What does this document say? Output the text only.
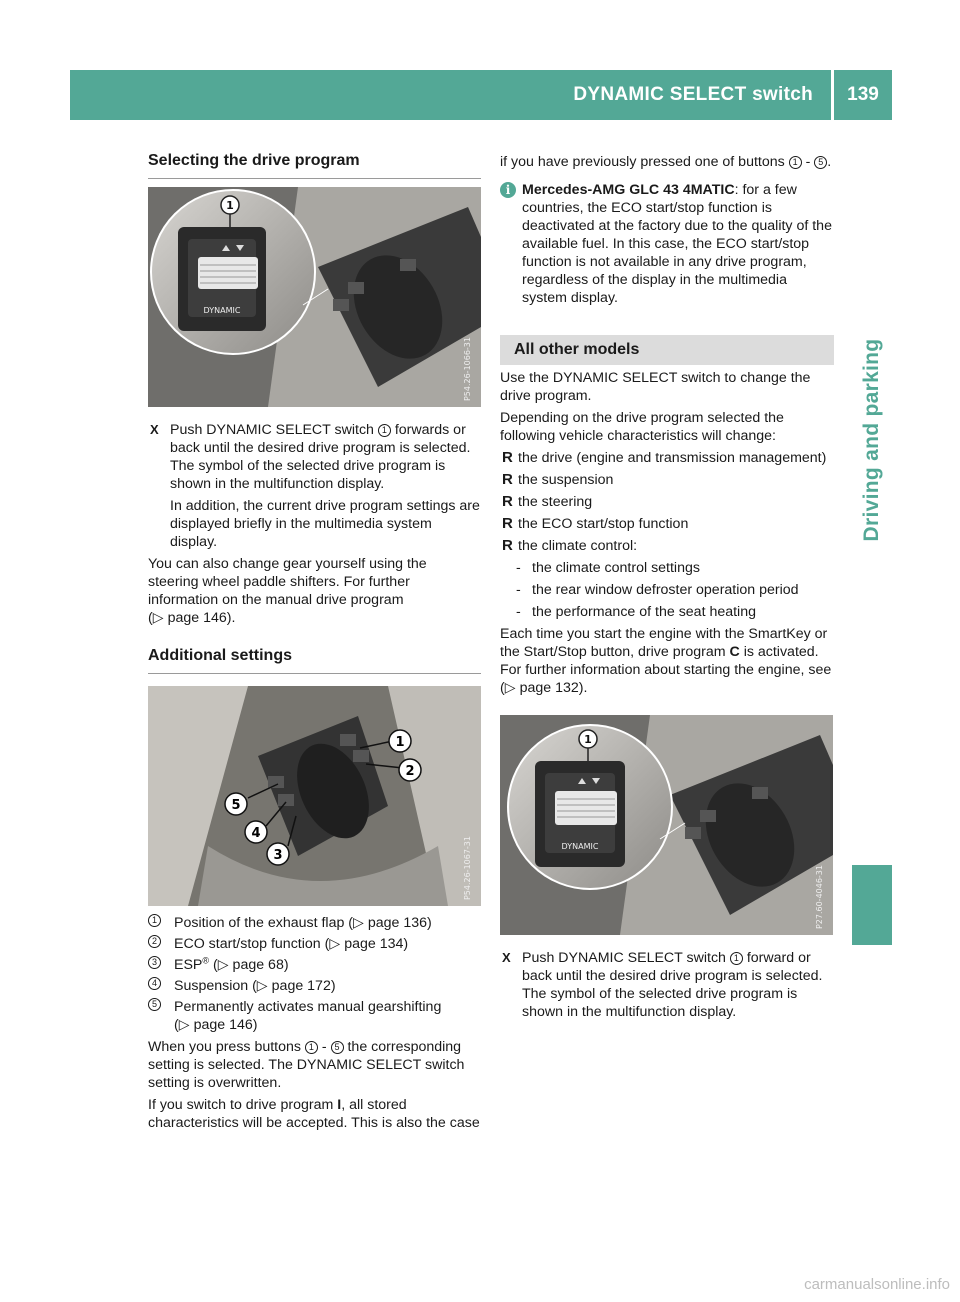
DYNAMIC SELECT switch	139
Driving and parking
Selecting the drive program
1
DYNAMIC
P54.26-1066-31
X Push DYNAMIC SELECT switch 1 forwards or back until the desired drive program is selected.

The symbol of the selected drive program is shown in the multifunction display.

In addition, the current drive program settings are displayed briefly in the multimedia system display.

You can also change gear yourself using the steering wheel paddle shifters. For further information on the manual drive program
(▷ page 146).

Additional settings
1
2
5
4
3	P54.26-1067-31
1 Position of the exhaust flap (▷ page 136)
2 ECO start/stop function (▷ page 134)
3 ESP® (▷ page 68)
4 Suspension (▷ page 172)
5 Permanently activates manual gearshifting
(▷ page 146)

When you press buttons 1 - 5 the corresponding setting is selected. The DYNAMIC SELECT switch setting is overwritten.

If you switch to drive program I, all stored characteristics will be accepted. This is also the case

if you have previously pressed one of buttons 1 - 5 .

i Mercedes-AMG GLC 43 4MATIC: for a few countries, the ECO start/stop function is deactivated at the factory due to the quality of the available fuel. In this case, the ECO start/stop function is not available in any drive program, regardless of the display in the multimedia system display.

All other models

Use the DYNAMIC SELECT switch to change the drive program.

Depending on the drive program selected the following vehicle characteristics will change:

R the drive (engine and transmission management)
R the suspension
R the steering
R the ECO start/stop function
R the climate control:
- the climate control settings
- the rear window defroster operation period
- the performance of the seat heating

Each time you start the engine with the SmartKey or the Start/Stop button, drive program C is activated. For further information about starting the engine, see (▷ page 132).

1
DYNAMIC
P27.60-4046-31
X Push DYNAMIC SELECT switch 1 forward or back until the desired drive program is selected.

The symbol of the selected drive program is shown in the multifunction display.

carmanualsonline.info
